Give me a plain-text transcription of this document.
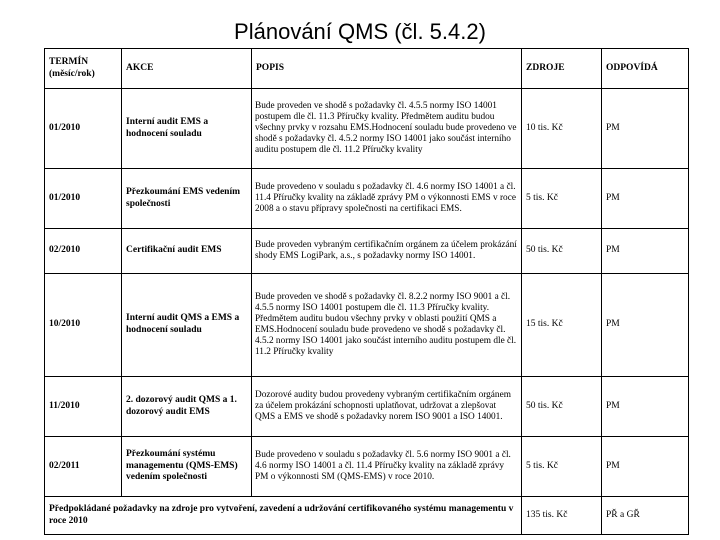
Plánování QMS (čl. 5.4.2)
TERMÍN (měsíc/rok)	AKCE	POPIS	ZDROJE	ODPOVÍDÁ
01/2010	Interní audit EMS a hodnocení souladu	Bude proveden ve shodě s požadavky čl. 4.5.5 normy ISO 14001 postupem dle čl. 11.3 Příručky kvality. Předmětem auditu budou všechny prvky v rozsahu EMS.Hodnocení souladu bude provedeno ve shodě s požadavky čl. 4.5.2 normy ISO 14001 jako součást interního auditu postupem dle čl. 11.2 Příručky kvality	10 tis. Kč	PM
01/2010	Přezkoumání EMS vedením společnosti	Bude provedeno v souladu s požadavky čl. 4.6 normy ISO 14001 a čl. 11.4 Příručky kvality na základě zprávy PM o výkonnosti EMS v roce 2008 a o stavu přípravy společnosti na certifikaci EMS.	5 tis. Kč	PM
02/2010	Certifikační audit EMS	Bude proveden vybraným certifikačním orgánem za účelem prokázání shody EMS LogiPark, a.s., s požadavky normy ISO 14001.	50 tis. Kč	PM
10/2010	Interní audit QMS a EMS a hodnocení souladu	Bude proveden ve shodě s požadavky čl. 8.2.2 normy ISO 9001 a čl. 4.5.5 normy ISO 14001 postupem dle čl. 11.3 Příručky kvality. Předmětem auditu budou všechny prvky v oblasti použití QMS a EMS.Hodnocení souladu bude provedeno ve shodě s požadavky čl. 4.5.2 normy ISO 14001 jako součást interního auditu postupem dle čl. 11.2 Příručky kvality	15 tis. Kč	PM
11/2010	2. dozorový audit QMS a 1. dozorový audit EMS	Dozorové audity budou provedeny vybraným certifikačním orgánem za účelem prokázání schopnosti uplatňovat, udržovat a zlepšovat QMS a EMS ve shodě s požadavky norem ISO 9001 a ISO 14001.	50 tis. Kč	PM
02/2011	Přezkoumání systému managementu (QMS-EMS) vedením společnosti	Bude provedeno v souladu s požadavky čl. 5.6 normy ISO 9001 a čl. 4.6 normy ISO 14001 a čl. 11.4 Příručky kvality na základě zprávy PM o výkonnosti SM (QMS-EMS) v roce 2010.	5 tis. Kč	PM
Předpokládané požadavky na zdroje pro vytvoření, zavedení a udržování certifikovaného systému managementu v roce 2010			135 tis. Kč	PŘ a GŘ
